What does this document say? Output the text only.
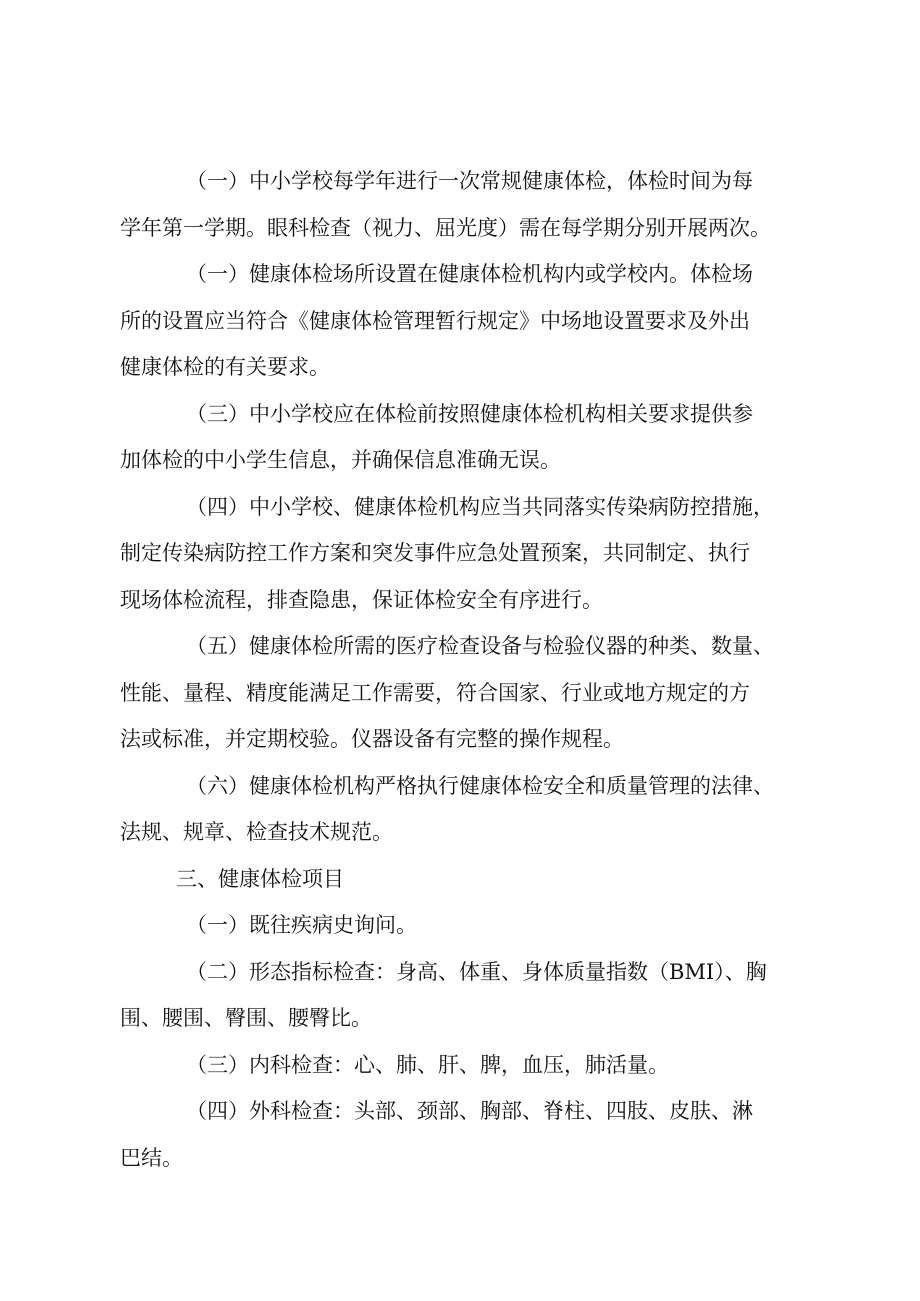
（一）中小学校每学年进行一次常规健康体检，体检时间为每
学年第一学期。眼科检查（视力、屈光度）需在每学期分别开展两次。
（一）健康体检场所设置在健康体检机构内或学校内。体检场
所的设置应当符合《健康体检管理暂行规定》中场地设置要求及外出
健康体检的有关要求。
（三）中小学校应在体检前按照健康体检机构相关要求提供参
加体检的中小学生信息，并确保信息准确无误。
（四）中小学校、健康体检机构应当共同落实传染病防控措施，
制定传染病防控工作方案和突发事件应急处置预案，共同制定、执行
现场体检流程，排查隐患，保证体检安全有序进行。
（五）健康体检所需的医疗检查设备与检验仪器的种类、数量、
性能、量程、精度能满足工作需要，符合国家、行业或地方规定的方
法或标准，并定期校验。仪器设备有完整的操作规程。
（六）健康体检机构严格执行健康体检安全和质量管理的法律、
法规、规章、检查技术规范。
三、健康体检项目
（一）既往疾病史询问。
（二）形态指标检查：身高、体重、身体质量指数（BMI）、胸
围、腰围、臀围、腰臀比。
（三）内科检查：心、肺、肝、脾，血压，肺活量。
（四）外科检查：头部、颈部、胸部、脊柱、四肢、皮肤、淋
巴结。
